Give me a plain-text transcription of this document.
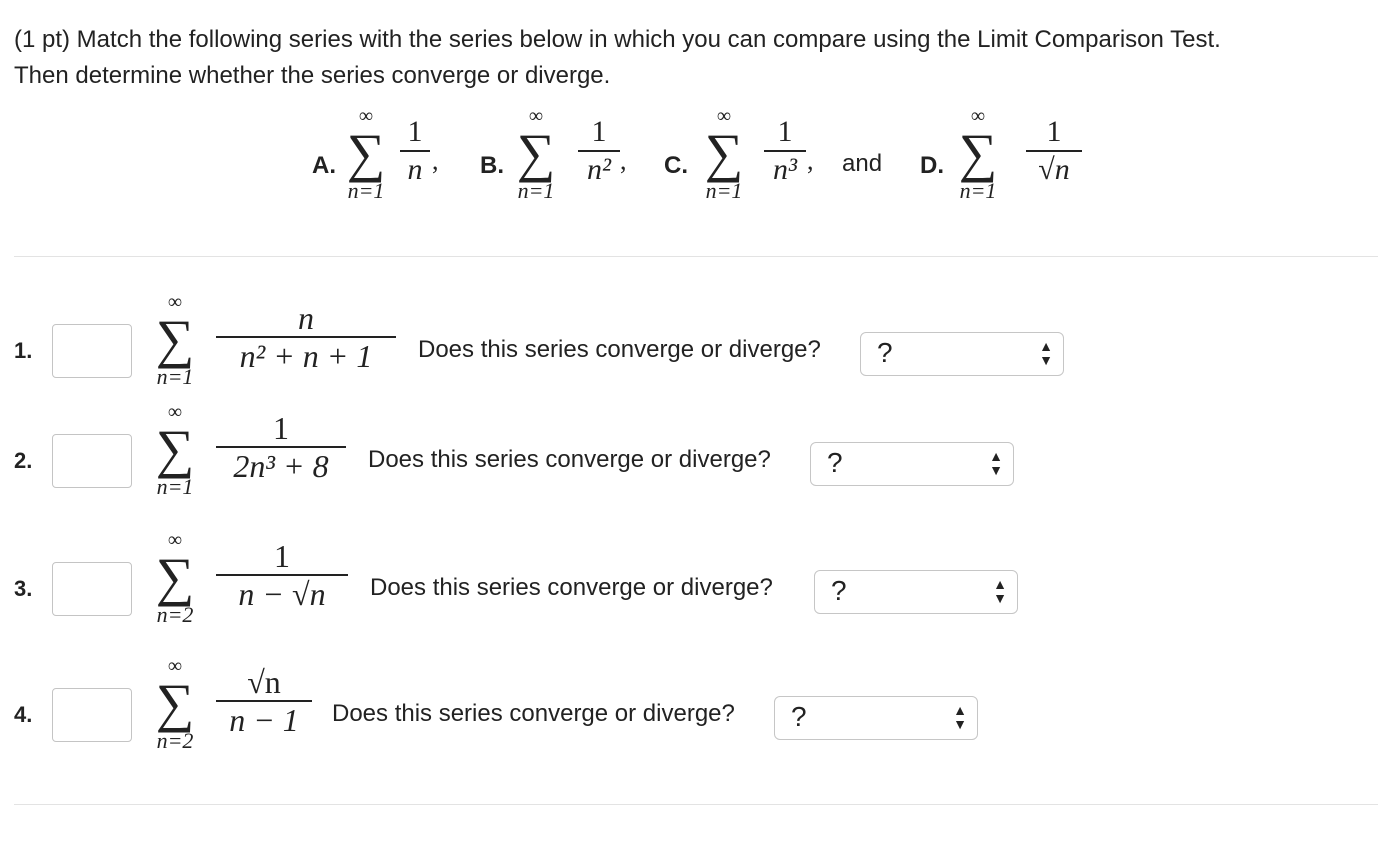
(1 pt) Match the following series with the series below in which you can compare using the Limit Comparison Test.
Then determine whether the series converge or diverge.
A.
∞
∑
n=1
1
n , B.
∞
∑
n=1
1
n² , C.
∞
∑
n=1
1
n³ , and D.
∞
∑
n=1
1
√n
1.
∞
∑
n=1
n
n² + n + 1	Does this series converge or diverge? ?	▲
▼
2.
∞
∑
n=1
1
2n³ + 8	Does this series converge or diverge? ?	▲
▼
3.
∞
∑
n=2
1
n − √n	Does this series converge or diverge? ?	▲
▼
4.
∞
∑
n=2
√n
n − 1	Does this series converge or diverge? ?	▲
▼
